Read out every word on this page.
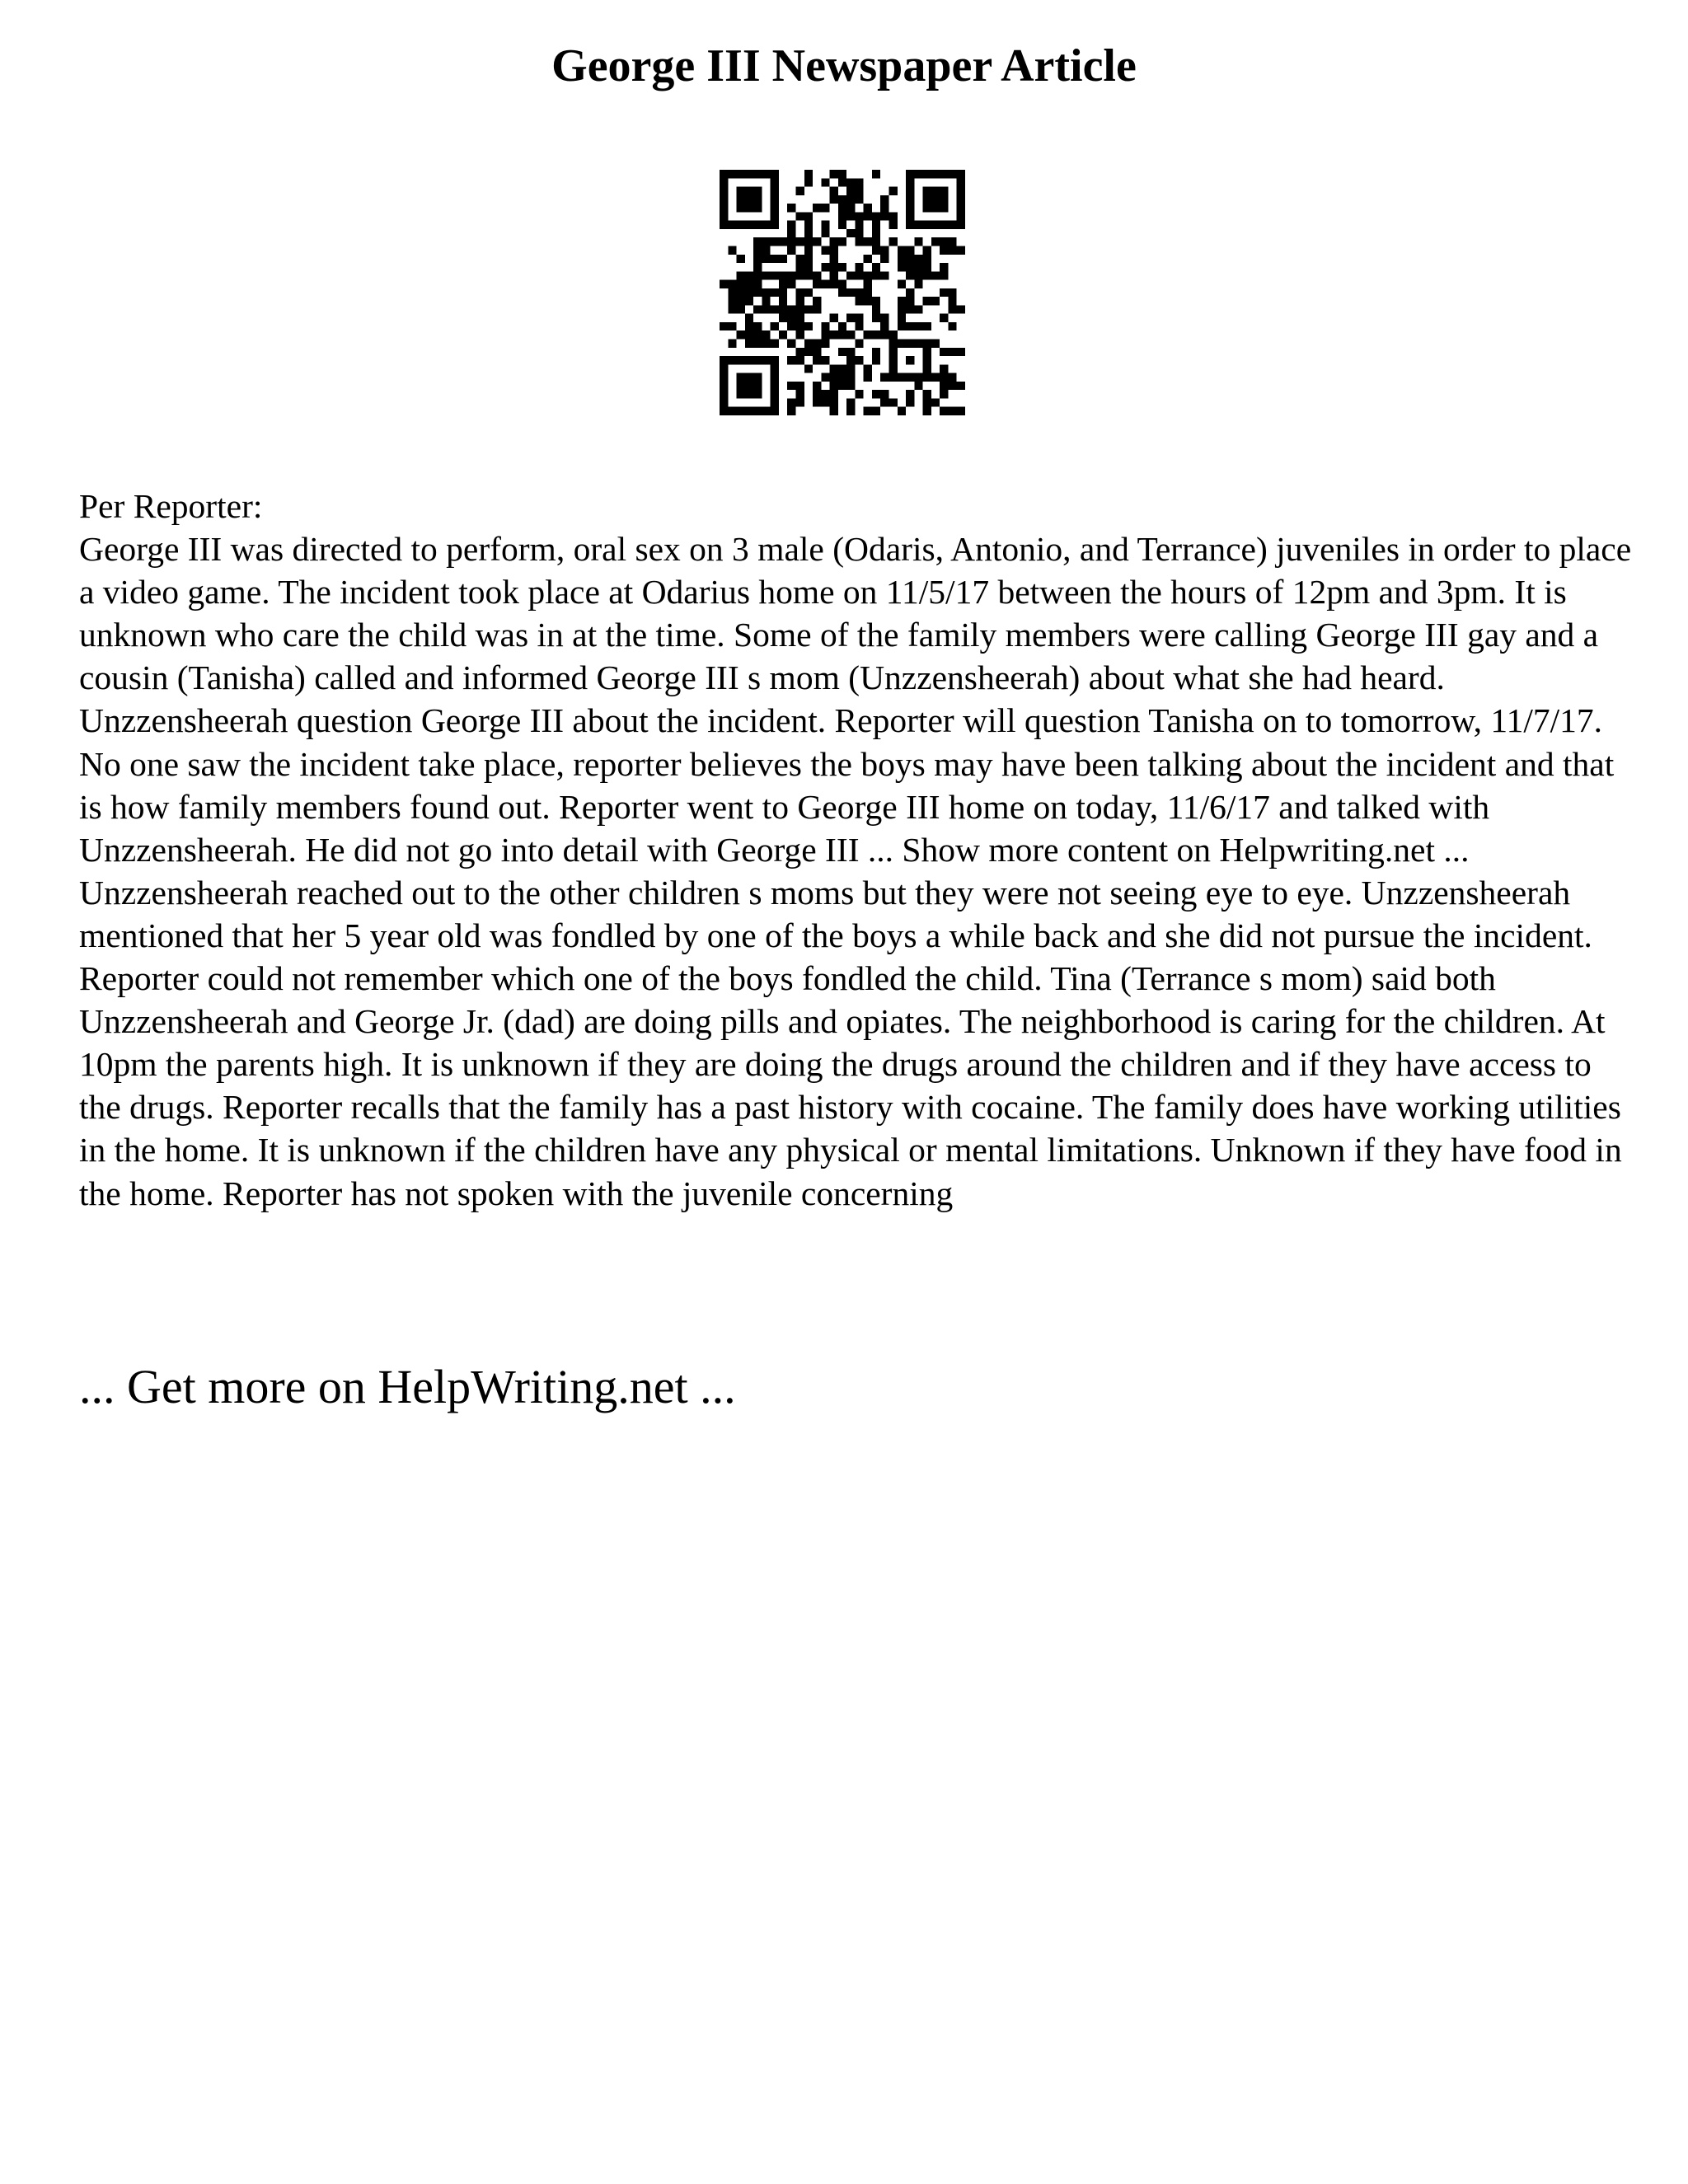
George III Newspaper Article

Per Reporter:

George III was directed to perform, oral sex on 3 male (Odaris, Antonio, and Terrance) juveniles in order to place a video game. The incident took place at Odarius home on 11/5/17 between the hours of 12pm and 3pm. It is unknown who care the child was in at the time. Some of the family members were calling George III gay and a cousin (Tanisha) called and informed George III s mom (Unzzensheerah) about what she had heard. Unzzensheerah question George III about the incident. Reporter will question Tanisha on to tomorrow, 11/7/17. No one saw the incident take place, reporter believes the boys may have been talking about the incident and that is how family members found out. Reporter went to George III home on today, 11/6/17 and talked with Unzzensheerah. He did not go into detail with George III ... Show more content on Helpwriting.net ...

Unzzensheerah reached out to the other children s moms but they were not seeing eye to eye. Unzzensheerah mentioned that her 5 year old was fondled by one of the boys a while back and she did not pursue the incident. Reporter could not remember which one of the boys fondled the child. Tina (Terrance s mom) said both Unzzensheerah and George Jr. (dad) are doing pills and opiates. The neighborhood is caring for the children. At 10pm the parents high. It is unknown if they are doing the drugs around the children and if they have access to the drugs. Reporter recalls that the family has a past history with cocaine. The family does have working utilities in the home. It is unknown if the children have any physical or mental limitations. Unknown if they have food in the home. Reporter has not spoken with the juvenile concerning

... Get more on HelpWriting.net ...
